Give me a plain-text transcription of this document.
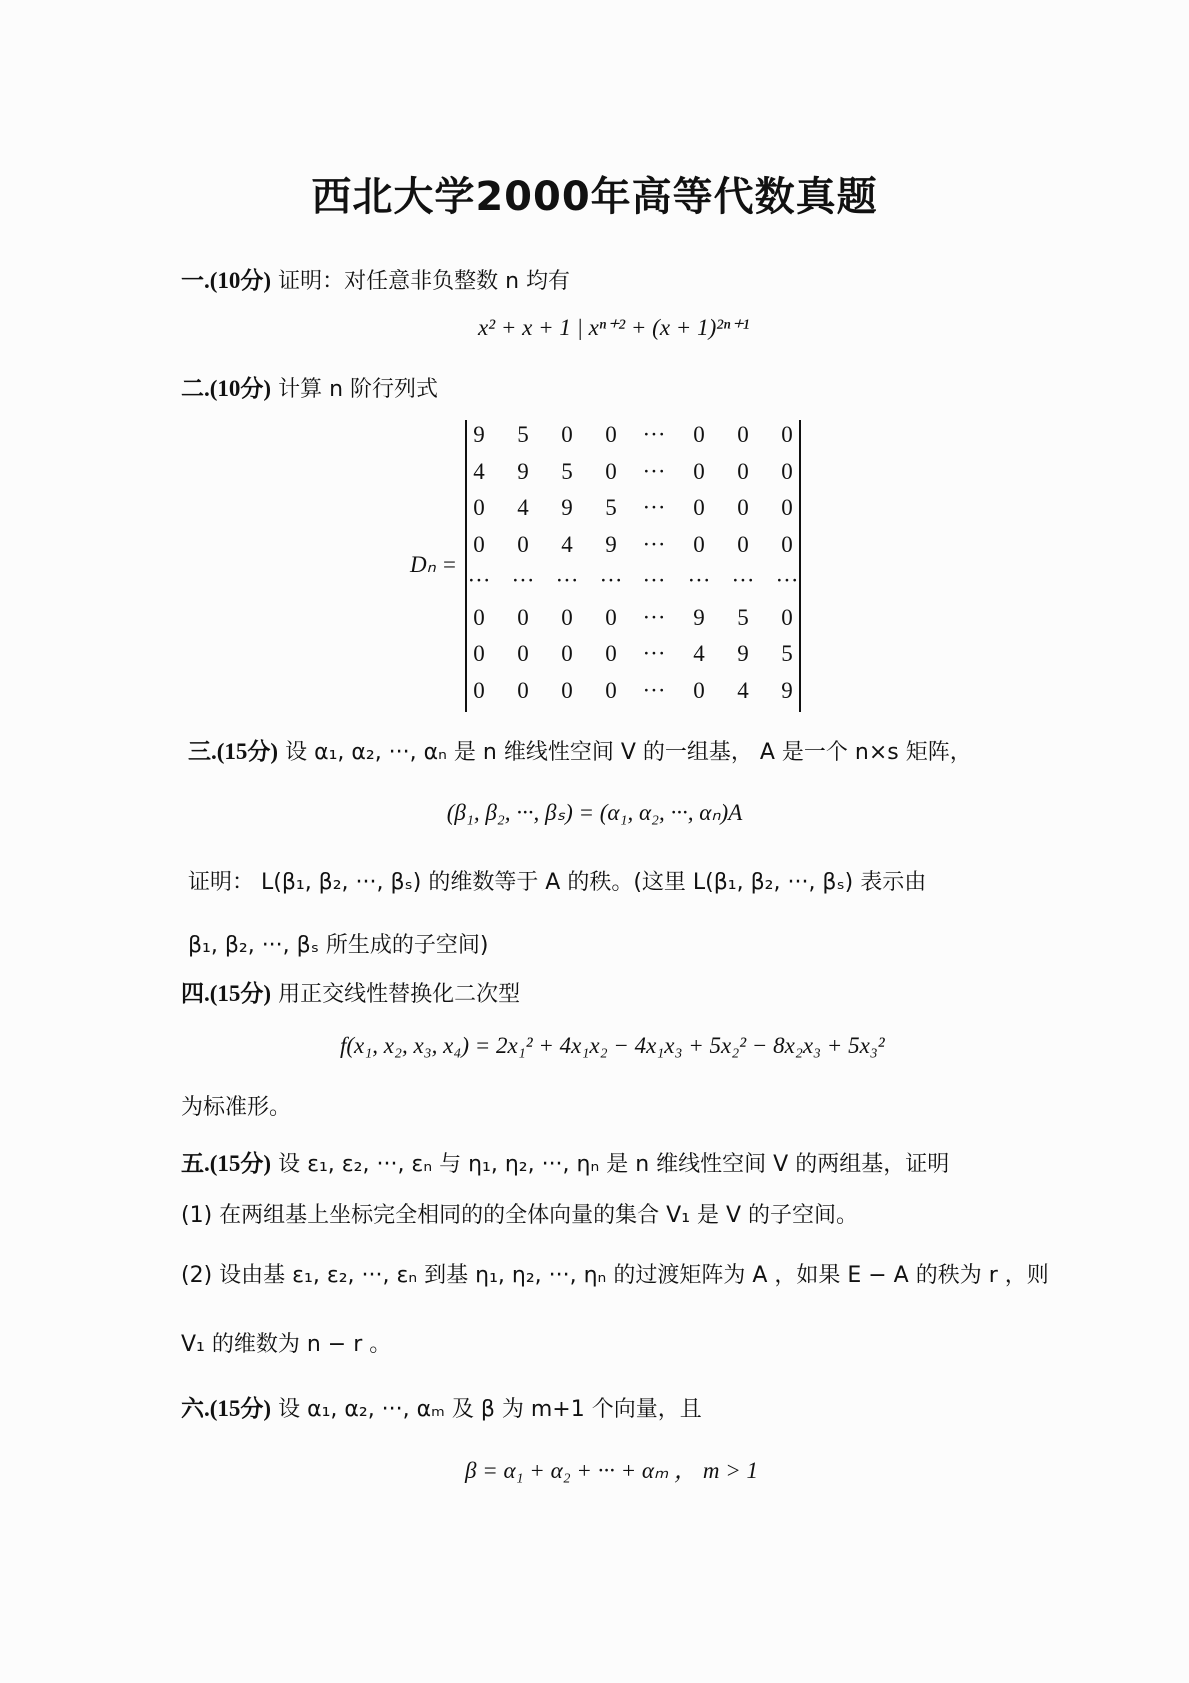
西北大学2000年高等代数真题
一.(10分) 证明：对任意非负整数 n 均有
x² + x + 1 | xⁿ⁺² + (x + 1)²ⁿ⁺¹
二.(10分) 计算 n 阶行列式
Dₙ =
9	5	0	0	···	0	0	0
4	9	5	0	···	0	0	0
0	4	9	5	···	0	0	0
0	0	4	9	···	0	0	0
··· ··· ··· ··· ··· ··· ··· ···
0	0	0	0	···	9	5	0
0	0	0	0	···	4	9	5
0	0	0	0	···	0	4	9
三.(15分) 设 α₁, α₂, ···, αₙ 是 n 维线性空间 V 的一组基， A 是一个 n×s 矩阵，
(β₁, β₂, ···, βₛ) = (α₁, α₂, ···, αₙ)A
证明： L(β₁, β₂, ···, βₛ) 的维数等于 A 的秩。(这里 L(β₁, β₂, ···, βₛ) 表示由
β₁, β₂, ···, βₛ 所生成的子空间)
四.(15分) 用正交线性替换化二次型
f(x₁, x₂, x₃, x₄) = 2x₁² + 4x₁x₂ − 4x₁x₃ + 5x₂² − 8x₂x₃ + 5x₃²
为标准形。
五.(15分) 设 ε₁, ε₂, ···, εₙ 与 η₁, η₂, ···, ηₙ 是 n 维线性空间 V 的两组基，证明
(1) 在两组基上坐标完全相同的的全体向量的集合 V₁ 是 V 的子空间。
(2) 设由基 ε₁, ε₂, ···, εₙ 到基 η₁, η₂, ···, ηₙ 的过渡矩阵为 A ，如果 E − A 的秩为 r ，则
V₁ 的维数为 n − r 。
六.(15分) 设 α₁, α₂, ···, αₘ 及 β 为 m+1 个向量，且
β = α₁ + α₂ + ··· + αₘ ， m > 1
